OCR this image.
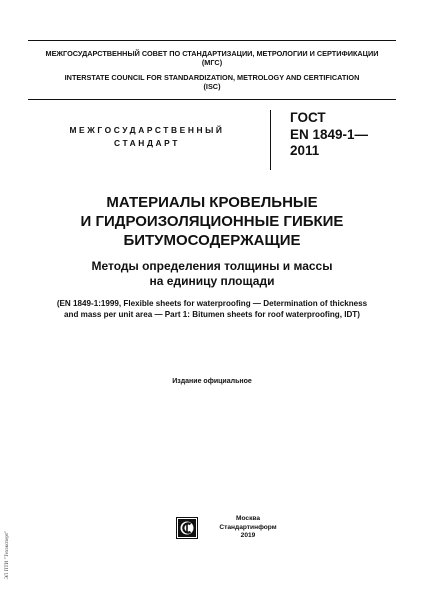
МЕЖГОСУДАРСТВЕННЫЙ СОВЕТ ПО СТАНДАРТИЗАЦИИ, МЕТРОЛОГИИ И СЕРТИФИКАЦИИ
(МГС)
INTERSTATE COUNCIL FOR STANDARDIZATION, METROLOGY AND CERTIFICATION
(ISC)
МЕЖГОСУДАРСТВЕННЫЙ
СТАНДАРТ
ГОСТ
EN 1849-1—
2011
МАТЕРИАЛЫ КРОВЕЛЬНЫЕ
И ГИДРОИЗОЛЯЦИОННЫЕ ГИБКИЕ
БИТУМОСОДЕРЖАЩИЕ
Методы определения толщины и массы
на единицу площади
(EN 1849-1:1999, Flexible sheets for waterproofing — Determination of thickness
and mass per unit area — Part 1: Bitumen sheets for roof waterproofing, IDT)
Издание официальное
Москва
Стандартинформ
2019
ЭЛ ПТИ "Техэксперт"
